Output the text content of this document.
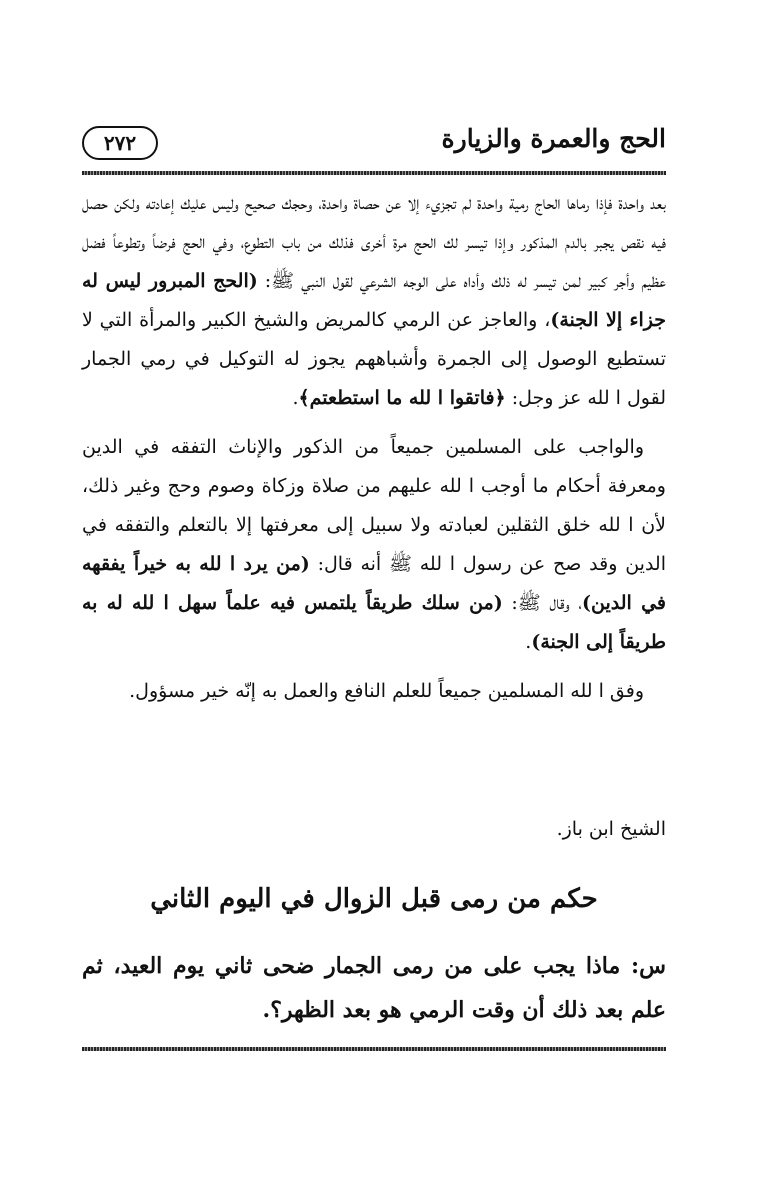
الحج والعمرة والزيارة
٢٧٢

بعد واحدة فإذا رماها الحاج رمية واحدة لم تجزيء إلا عن حصاة واحدة، وحجك صحيح وليس عليك إعادته ولكن حصل فيه نقص يجبر بالدم المذكور وإذا تيسر لك الحج مرة أخرى فذلك من باب التطوع، وفي الحج فرضاً وتطوعاً فضل عظيم وأجر كبير لمن تيسر له ذلك وأداه على الوجه الشرعي لقول النبي ﷺ: (الحج المبرور ليس له جزاء إلا الجنة)، والعاجز عن الرمي كالمريض والشيخ الكبير والمرأة التي لا تستطيع الوصول إلى الجمرة وأشباههم يجوز له التوكيل في رمي الجمار لقول ا لله عز وجل: ﴿فاتقوا ا لله ما استطعتم﴾.

والواجب على المسلمين جميعاً من الذكور والإناث التفقه في الدين ومعرفة أحكام ما أوجب ا لله عليهم من صلاة وزكاة وصوم وحج وغير ذلك، لأن ا لله خلق الثقلين لعبادته ولا سبيل إلى معرفتها إلا بالتعلم والتفقه في الدين وقد صح عن رسول ا لله ﷺ أنه قال: (من يرد ا لله به خيراً يفقهه في الدين)، وقال ﷺ: (من سلك طريقاً يلتمس فيه علماً سهل ا لله له به طريقاً إلى الجنة).

وفق ا لله المسلمين جميعاً للعلم النافع والعمل به إنّه خير مسؤول.

الشيخ ابن باز.
حكم من رمى قبل الزوال في اليوم الثاني
س: ماذا يجب على من رمى الجمار ضحى ثاني يوم العيد، ثم علم بعد ذلك أن وقت الرمي هو بعد الظهر؟.
